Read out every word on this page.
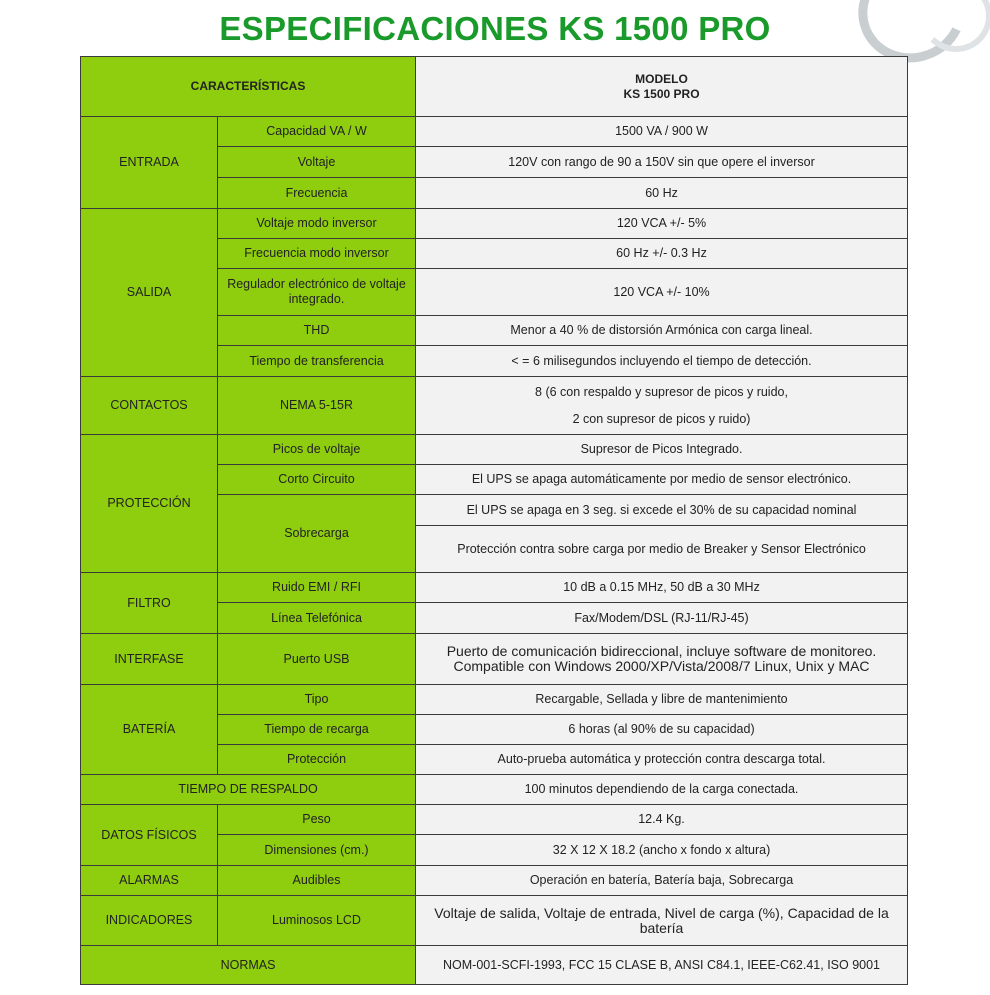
ESPECIFICACIONES KS 1500 PRO
CARACTERÍSTICAS		MODELO
KS 1500 PRO

ENTRADA	Capacidad VA / W	1500 VA / 900 W
	Voltaje	120V con rango de 90 a 150V sin que opere el inversor
	Frecuencia	60 Hz
SALIDA	Voltaje modo inversor	120 VCA +/- 5%
	Frecuencia modo inversor	60 Hz +/- 0.3 Hz
	Regulador electrónico de voltaje integrado.	120 VCA +/- 10%
	THD	Menor a 40 % de distorsión Armónica con carga lineal.
	Tiempo de transferencia	< = 6 milisegundos incluyendo el tiempo de detección.
CONTACTOS	NEMA 5-15R	8 (6 con respaldo y supresor de picos y ruido,
2 con supresor de picos y ruido)

PROTECCIÓN	Picos de voltaje	Supresor de Picos Integrado.
	Corto Circuito	El UPS se apaga automáticamente por medio de sensor electrónico.
	Sobrecarga	El UPS se apaga en 3 seg. si excede el 30% de su capacidad nominal
		Protección contra sobre carga por medio de Breaker y Sensor Electrónico
FILTRO	Ruido EMI / RFI	10 dB a 0.15 MHz, 50 dB a 30 MHz
	Línea Telefónica	Fax/Modem/DSL (RJ-11/RJ-45)
INTERFASE	Puerto USB	Puerto de comunicación bidireccional, incluye software de monitoreo.
Compatible con Windows 2000/XP/Vista/2008/7 Linux, Unix y MAC

BATERÍA	Tipo	Recargable, Sellada y libre de mantenimiento
	Tiempo de recarga	6 horas (al 90% de su capacidad)
	Protección	Auto-prueba automática y protección contra descarga total.
TIEMPO DE RESPALDO		100 minutos dependiendo de la carga conectada.
DATOS FÍSICOS	Peso	12.4 Kg.
	Dimensiones (cm.)	32 X 12 X 18.2 (ancho x fondo x altura)
ALARMAS	Audibles	Operación en batería, Batería baja, Sobrecarga
INDICADORES	Luminosos LCD	Voltaje de salida, Voltaje de entrada, Nivel de carga (%), Capacidad de la batería
NORMAS		NOM-001-SCFI-1993, FCC 15 CLASE B, ANSI C84.1, IEEE-C62.41, ISO 9001
